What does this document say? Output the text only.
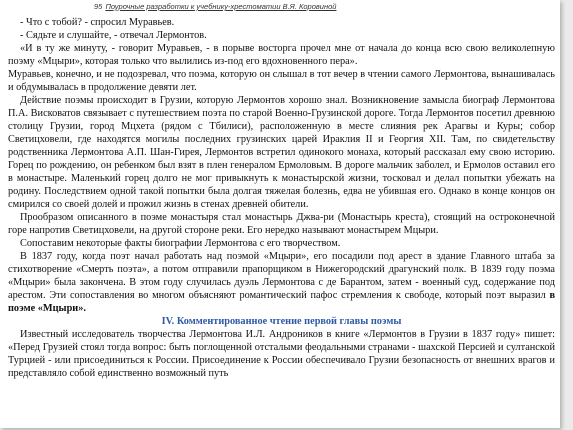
95 Поурочные разработки к учебнику-хрестоматии В.Я. Коровиной

- Что с тобой? - спросил Муравьев.

- Сядьте и слушайте, - отвечал Лермонтов.

«И в ту же минуту, - говорит Муравьев, - в порыве восторга прочел мне от начала до конца всю свою великолепную поэму «Мцыри», которая только что вылились из-под его вдохновенного пера».

Муравьев, конечно, и не подозревал, что поэма, которую он слышал в тот вечер в чтении самого Лермонтова, вынашивалась и обдумывалась в продолжение девяти лет.

Действие поэмы происходит в Грузии, которую Лермонтов хорошо знал. Возникновение замысла биограф Лермонтова П.А. Висковатов связывает с путешествием поэта по старой Военно-Грузинской дороге. Тогда Лермонтов посетил древнюю столицу Грузии, город Мцхета (рядом с Тбилиси), расположенную в месте слияния рек Арагвы и Куры; собор Светицховели, где находятся могилы последних грузинских царей Ираклия II и Георгия XII. Там, по свидетельству родственника Лермонтова А.П. Шан-Гирея, Лермонтов встретил одинокого монаха, который рассказал ему свою историю. Горец по рождению, он ребенком был взят в плен генералом Ермоловым. В дороге мальчик заболел, и Ермолов оставил его в монастыре. Маленький горец долго не мог привыкнуть к монастырской жизни, тосковал и делал попытки убежать на родину. Последствием одной такой попытки была долгая тяжелая болезнь, едва не убившая его. Однако в конце концов он смирился со своей долей и прожил жизнь в стенах древней обители.

Прообразом описанного в поэме монастыря стал монастырь Джва-ри (Монастырь креста), стоящий на остроконечной горе напротив Светицховели, на другой стороне реки. Его нередко называют монастырем Мцыри.

Сопоставим некоторые факты биографии Лермонтова с его творчеством.

В 1837 году, когда поэт начал работать над поэмой «Мцыри», его посадили под арест в здание Главного штаба за стихотворение «Смерть поэта», а потом отправили прапорщиком в Нижегородский драгунский полк. В 1839 году поэма «Мцыри» была закончена. В этом году случилась дуэль Лермонтова с де Барантом, затем - военный суд, содержание под арестом. Эти сопоставления во многом объясняют романтический пафос стремления к свободе, который поэт выразил в поэме «Мцыри».

IV. Комментированное чтение первой главы поэмы

Известный исследователь творчества Лермонтова И.Л. Андроников в книге «Лермонтов в Грузии в 1837 году» пишет: «Перед Грузией стоял тогда вопрос: быть поглощенной отсталыми феодальными странами - шахской Персией и султанской Турцией - или присоединиться к России. Присоединение к России обеспечивало Грузии безопасность от внешних врагов и представляло собой единственно возможный путь
